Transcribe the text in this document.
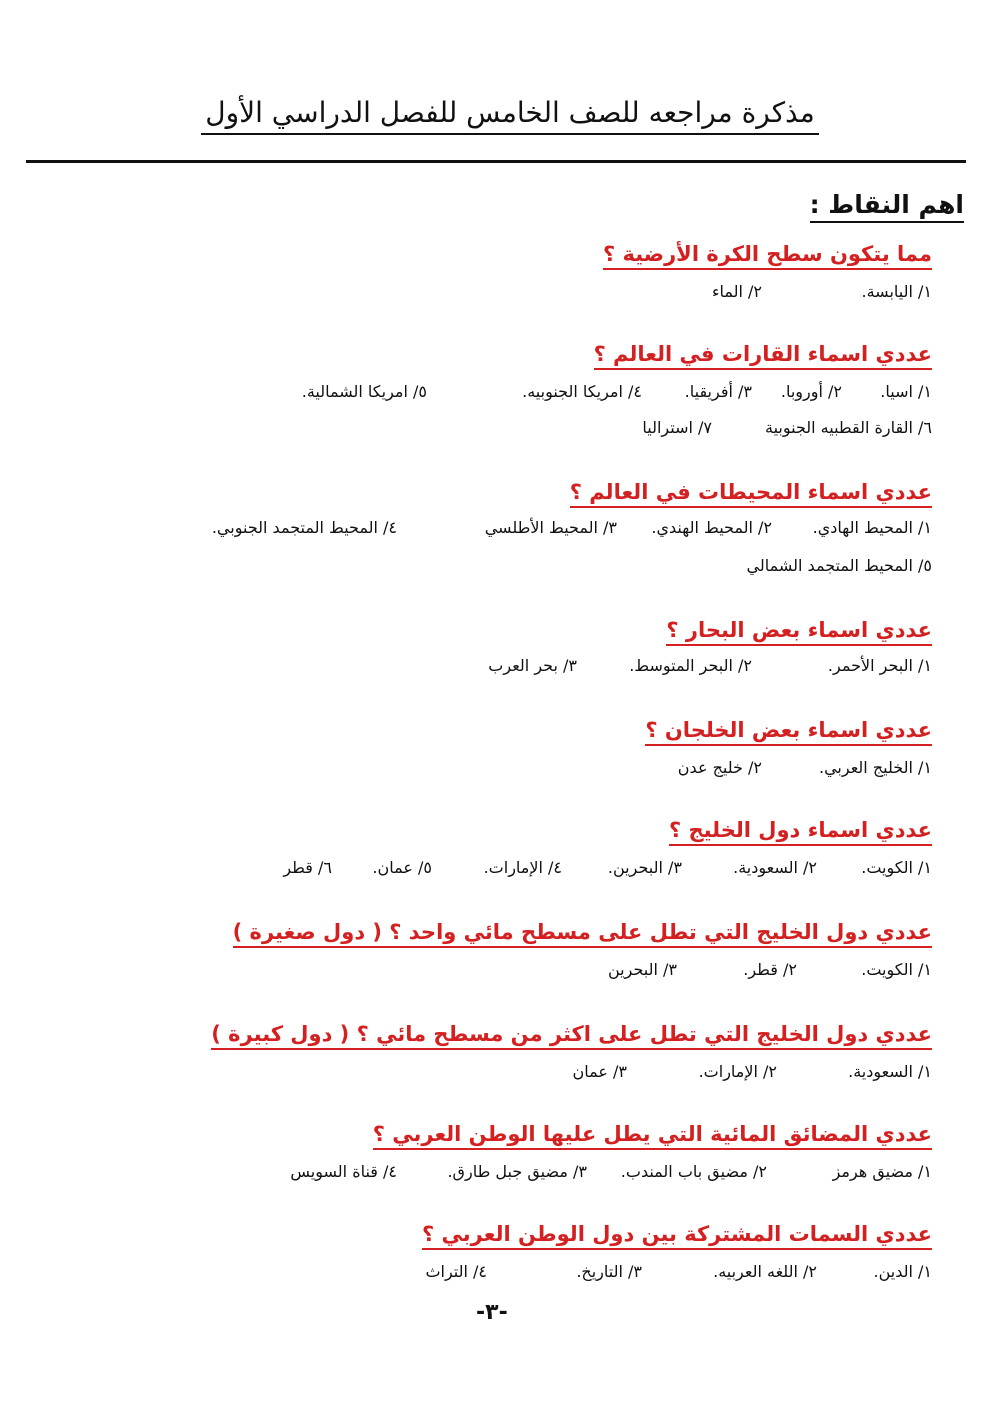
مذكرة مراجعه للصف الخامس للفصل الدراسي الأول
اهم النقاط :
مما يتكون سطح الكرة الأرضية ؟
١/ اليابسة.
٢/ الماء
عددي اسماء القارات في العالم ؟
١/ اسيا.
٢/ أوروبا.
٣/ أفريقيا.
٤/ امريكا الجنوبيه.
٥/ امريكا الشمالية.
٦/ القارة القطبيه الجنوبية
٧/ استراليا
عددي اسماء المحيطات في العالم ؟
١/ المحيط الهادي.
٢/ المحيط الهندي.
٣/ المحيط الأطلسي
٤/ المحيط المتجمد الجنوبي.
٥/ المحيط المتجمد الشمالي
عددي اسماء بعض البحار ؟
١/ البحر الأحمر.
٢/ البحر المتوسط.
٣/ بحر العرب
عددي اسماء بعض الخلجان ؟
١/ الخليج العربي.
٢/ خليج عدن
عددي اسماء دول الخليج ؟
١/ الكويت.
٢/ السعودية.
٣/ البحرين.
٤/ الإمارات.
٥/ عمان.
٦/ قطر
عددي دول الخليج التي تطل على مسطح مائي واحد ؟ ( دول صغيرة )
١/ الكويت.
٢/ قطر.
٣/ البحرين
عددي دول الخليج التي تطل على اكثر من مسطح مائي ؟ ( دول كبيرة )
١/ السعودية.
٢/ الإمارات.
٣/ عمان
عددي المضائق المائية التي يطل عليها الوطن العربي ؟
١/ مضيق هرمز
٢/ مضيق باب المندب.
٣/ مضيق جبل طارق.
٤/ قناة السويس
عددي السمات المشتركة بين دول الوطن العربي ؟
١/ الدين.
٢/ اللغه العربيه.
٣/ التاريخ.
٤/ التراث
-٣-
